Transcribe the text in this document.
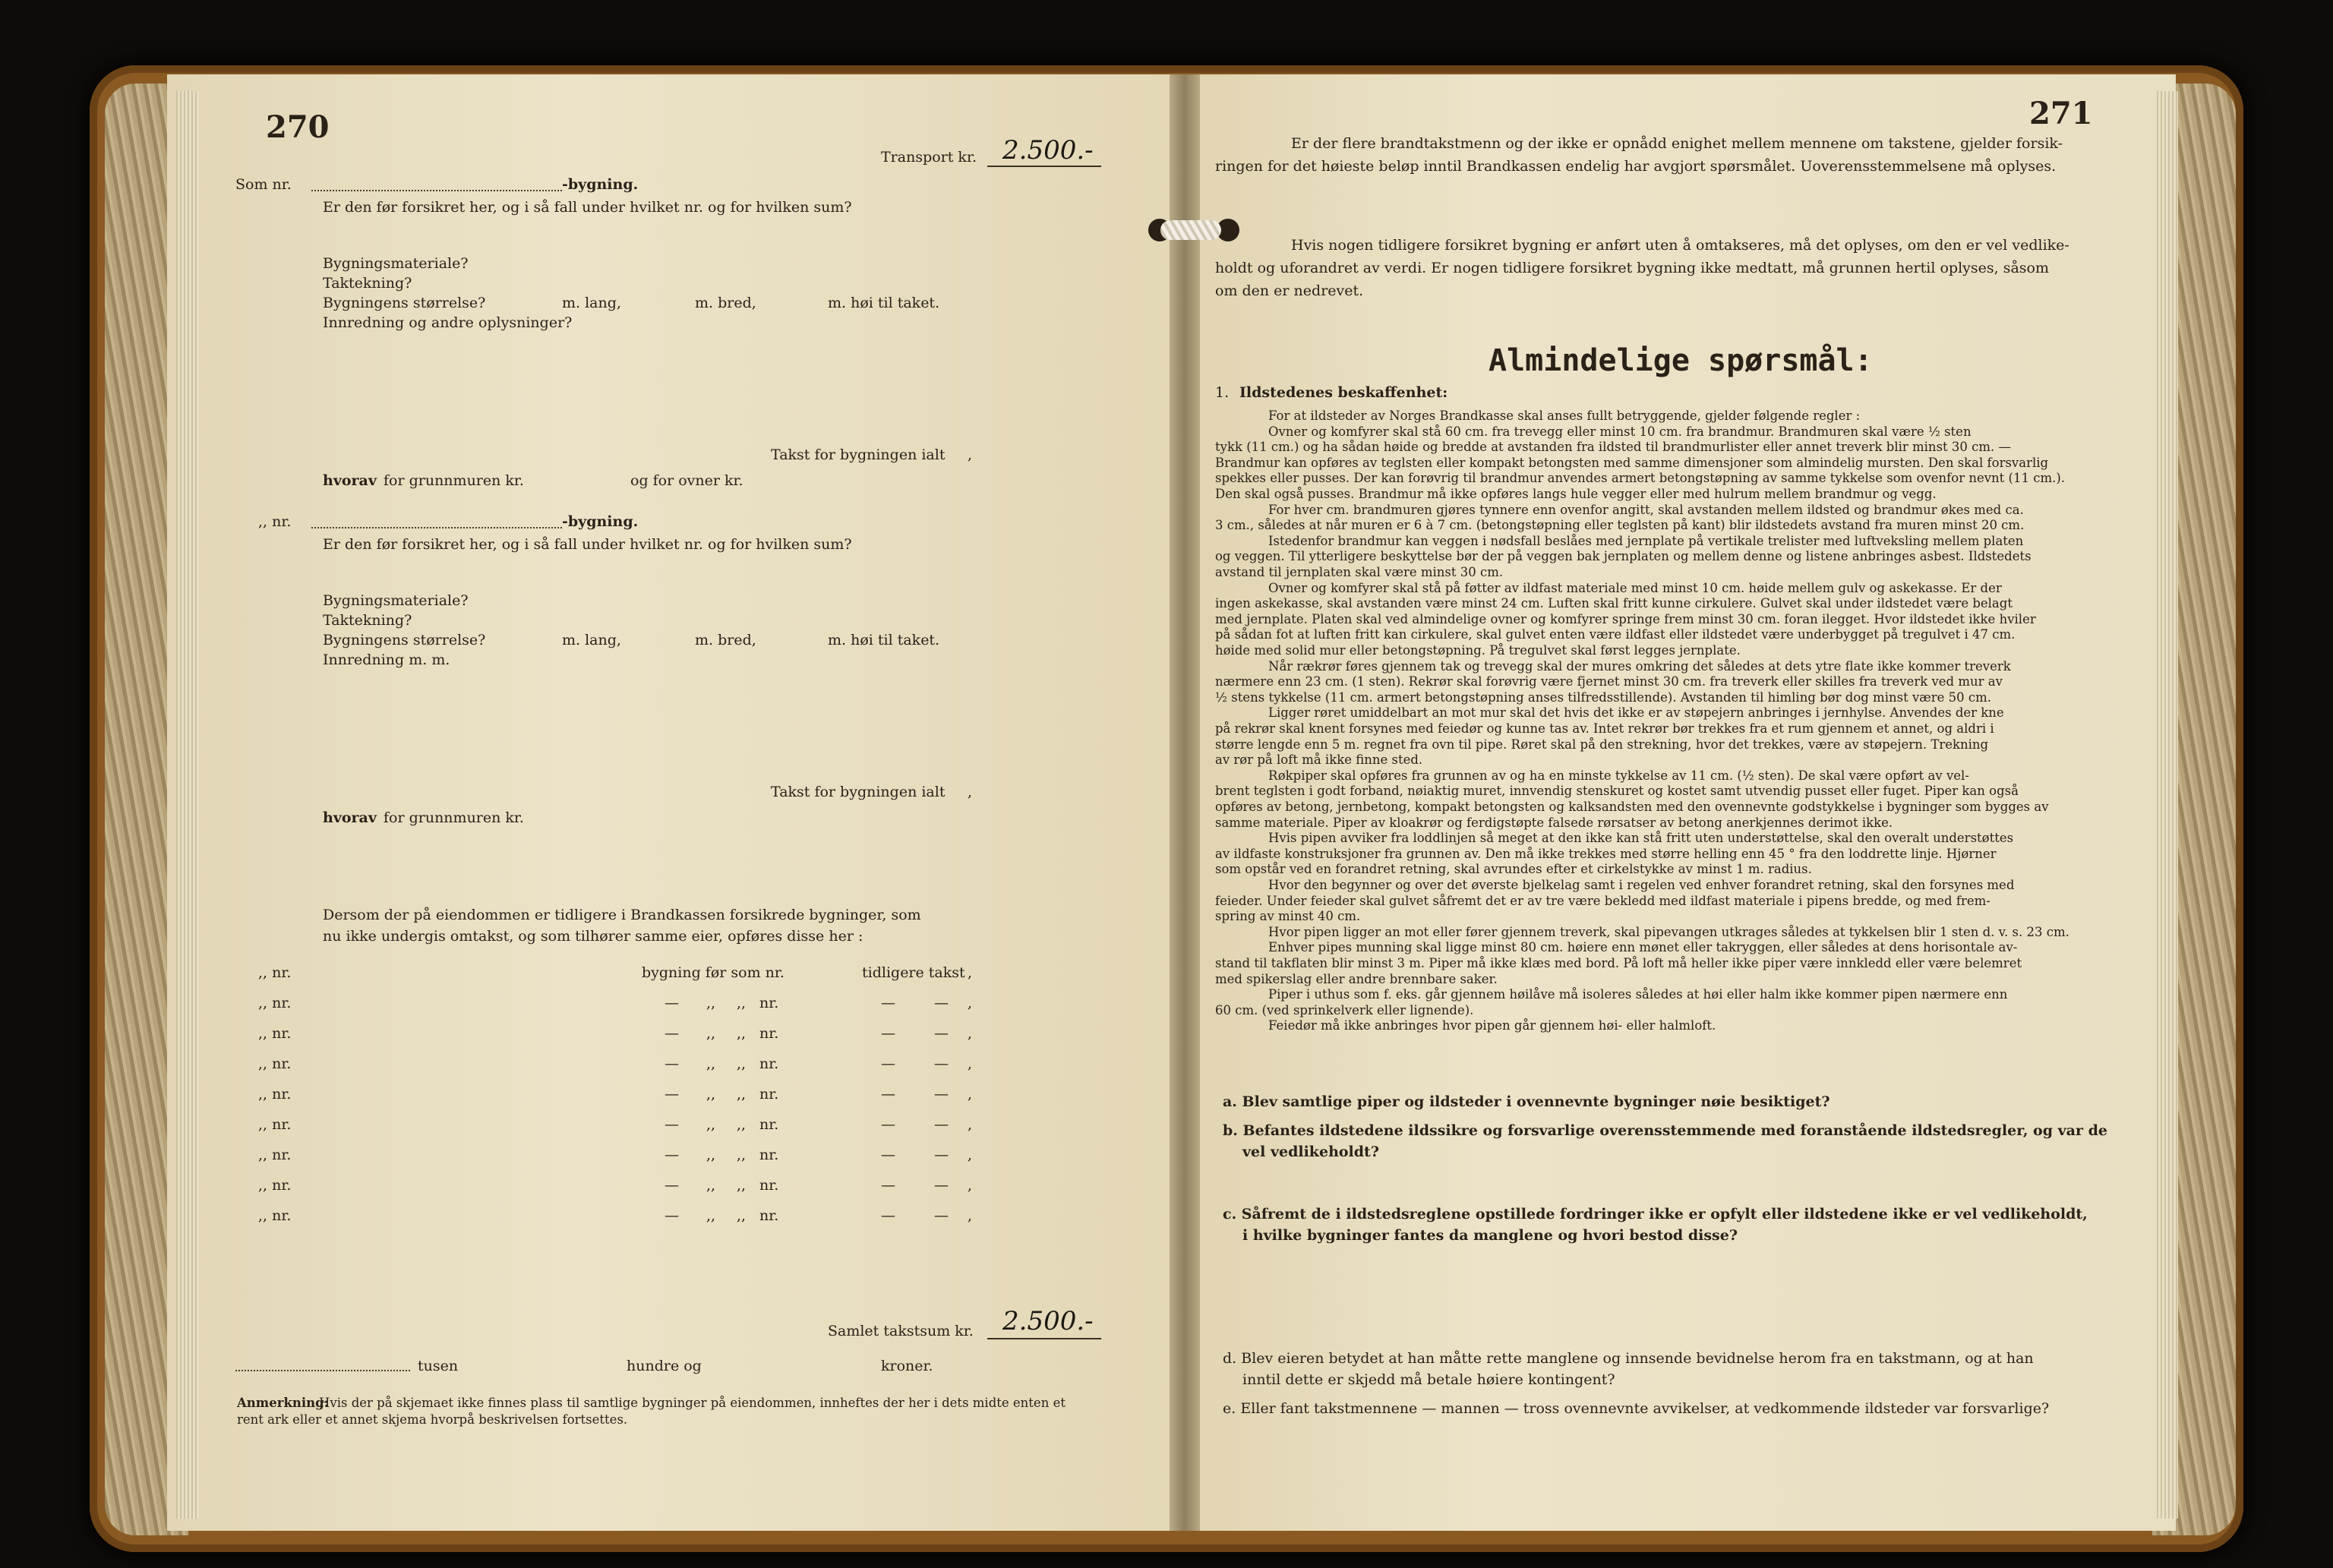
270
Transport kr. 2.500.-
Som nr.	-bygning.
Er den før forsikret her, og i så fall under hvilket nr. og for hvilken sum?
Bygningsmateriale?
Taktekning?
Bygningens størrelse?	m. lang,	m. bred,	m. høi til taket.
Innredning og andre oplysninger?
Takst for bygningen ialt ,
hvorav for grunnmuren kr.	og for ovner kr.
,, nr.	-bygning.
Er den før forsikret her, og i så fall under hvilket nr. og for hvilken sum?
Bygningsmateriale?
Taktekning?
Bygningens størrelse?	m. lang,	m. bred,	m. høi til taket.
Innredning m. m.
Takst for bygningen ialt ,
hvorav for grunnmuren kr.
Dersom der på eiendommen er tidligere i Brandkassen forsikrede bygninger, som
nu ikke undergis omtakst, og som tilhører samme eier, opføres disse her :
,, nr.	bygning før som nr.	tidligere takst ,
,, nr.	— ,, ,, nr.	—	— ,
,, nr.	— ,, ,, nr.	—	— ,
,, nr.	— ,, ,, nr.	—	— ,
,, nr.	— ,, ,, nr.	—	— ,
,, nr.	— ,, ,, nr.	—	— ,
,, nr.	— ,, ,, nr.	—	— ,
,, nr.	— ,, ,, nr.	—	— ,
,, nr.	— ,, ,, nr.	—	— ,
Samlet takstsum kr. 2.500.-
tusen	hundre og	kroner.
Anmerkning:
Hvis der på skjemaet ikke finnes plass til samtlige bygninger på eiendommen, innheftes der her i dets midte enten et
rent ark eller et annet skjema hvorpå beskrivelsen fortsettes.
271
Er der flere brandtakstmenn og der ikke er opnådd enighet mellem mennene om takstene, gjelder forsik-
ringen for det høieste beløp inntil Brandkassen endelig har avgjort spørsmålet. Uoverensstemmelsene må oplyses.
Hvis nogen tidligere forsikret bygning er anført uten å omtakseres, må det oplyses, om den er vel vedlike-
holdt og uforandret av verdi. Er nogen tidligere forsikret bygning ikke medtatt, må grunnen hertil oplyses, såsom
om den er nedrevet.
Almindelige spørsmål:
1. Ildstedenes beskaffenhet:
For at ildsteder av Norges Brandkasse skal anses fullt betryggende, gjelder følgende regler :
Ovner og komfyrer skal stå 60 cm. fra trevegg eller minst 10 cm. fra brandmur. Brandmuren skal være ½ sten
tykk (11 cm.) og ha sådan høide og bredde at avstanden fra ildsted til brandmurlister eller annet treverk blir minst 30 cm. —
Brandmur kan opføres av teglsten eller kompakt betongsten med samme dimensjoner som almindelig mursten. Den skal forsvarlig
spekkes eller pusses. Der kan forøvrig til brandmur anvendes armert betongstøpning av samme tykkelse som ovenfor nevnt (11 cm.).
Den skal også pusses. Brandmur må ikke opføres langs hule vegger eller med hulrum mellem brandmur og vegg.
For hver cm. brandmuren gjøres tynnere enn ovenfor angitt, skal avstanden mellem ildsted og brandmur økes med ca.
3 cm., således at når muren er 6 à 7 cm. (betongstøpning eller teglsten på kant) blir ildstedets avstand fra muren minst 20 cm.
Istedenfor brandmur kan veggen i nødsfall beslåes med jernplate på vertikale trelister med luftveksling mellem platen
og veggen. Til ytterligere beskyttelse bør der på veggen bak jernplaten og mellem denne og listene anbringes asbest. Ildstedets
avstand til jernplaten skal være minst 30 cm.
Ovner og komfyrer skal stå på føtter av ildfast materiale med minst 10 cm. høide mellem gulv og askekasse. Er der
ingen askekasse, skal avstanden være minst 24 cm. Luften skal fritt kunne cirkulere. Gulvet skal under ildstedet være belagt
med jernplate. Platen skal ved almindelige ovner og komfyrer springe frem minst 30 cm. foran ilegget. Hvor ildstedet ikke hviler
på sådan fot at luften fritt kan cirkulere, skal gulvet enten være ildfast eller ildstedet være underbygget på tregulvet i 47 cm.
høide med solid mur eller betongstøpning. På tregulvet skal først legges jernplate.
Når rækrør føres gjennem tak og trevegg skal der mures omkring det således at dets ytre flate ikke kommer treverk
nærmere enn 23 cm. (1 sten). Rekrør skal forøvrig være fjernet minst 30 cm. fra treverk eller skilles fra treverk ved mur av
½ stens tykkelse (11 cm. armert betongstøpning anses tilfredsstillende). Avstanden til himling bør dog minst være 50 cm.
Ligger røret umiddelbart an mot mur skal det hvis det ikke er av støpejern anbringes i jernhylse. Anvendes der kne
på rekrør skal knent forsynes med feiedør og kunne tas av. Intet rekrør bør trekkes fra et rum gjennem et annet, og aldri i
større lengde enn 5 m. regnet fra ovn til pipe. Røret skal på den strekning, hvor det trekkes, være av støpejern. Trekning
av rør på loft må ikke finne sted.
Røkpiper skal opføres fra grunnen av og ha en minste tykkelse av 11 cm. (½ sten). De skal være opført av vel-
brent teglsten i godt forband, nøiaktig muret, innvendig stenskuret og kostet samt utvendig pusset eller fuget. Piper kan også
opføres av betong, jernbetong, kompakt betongsten og kalksandsten med den ovennevnte godstykkelse i bygninger som bygges av
samme materiale. Piper av kloakrør og ferdigstøpte falsede rørsatser av betong anerkjennes derimot ikke.
Hvis pipen avviker fra loddlinjen så meget at den ikke kan stå fritt uten understøttelse, skal den overalt understøttes
av ildfaste konstruksjoner fra grunnen av. Den må ikke trekkes med større helling enn 45 ° fra den loddrette linje. Hjørner
som opstår ved en forandret retning, skal avrundes efter et cirkelstykke av minst 1 m. radius.
Hvor den begynner og over det øverste bjelkelag samt i regelen ved enhver forandret retning, skal den forsynes med
feieder. Under feieder skal gulvet såfremt det er av tre være bekledd med ildfast materiale i pipens bredde, og med frem-
spring av minst 40 cm.
Hvor pipen ligger an mot eller fører gjennem treverk, skal pipevangen utkrages således at tykkelsen blir 1 sten d. v. s. 23 cm.
Enhver pipes munning skal ligge minst 80 cm. høiere enn mønet eller takryggen, eller således at dens horisontale av-
stand til takflaten blir minst 3 m. Piper må ikke klæs med bord. På loft må heller ikke piper være innkledd eller være belemret
med spikerslag eller andre brennbare saker.
Piper i uthus som f. eks. går gjennem høilåve må isoleres således at høi eller halm ikke kommer pipen nærmere enn
60 cm. (ved sprinkelverk eller lignende).
Feiedør må ikke anbringes hvor pipen går gjennem høi- eller halmloft.
a. Blev samtlige piper og ildsteder i ovennevnte bygninger nøie besiktiget?
b. Befantes ildstedene ildssikre og forsvarlige overensstemmende med foranstående ildstedsregler, og var de
vel vedlikeholdt?
c. Såfremt de i ildstedsreglene opstillede fordringer ikke er opfylt eller ildstedene ikke er vel vedlikeholdt,
i hvilke bygninger fantes da manglene og hvori bestod disse?
d. Blev eieren betydet at han måtte rette manglene og innsende bevidnelse herom fra en takstmann, og at han
inntil dette er skjedd må betale høiere kontingent?
e. Eller fant takstmennene — mannen — tross ovennevnte avvikelser, at vedkommende ildsteder var forsvarlige?
